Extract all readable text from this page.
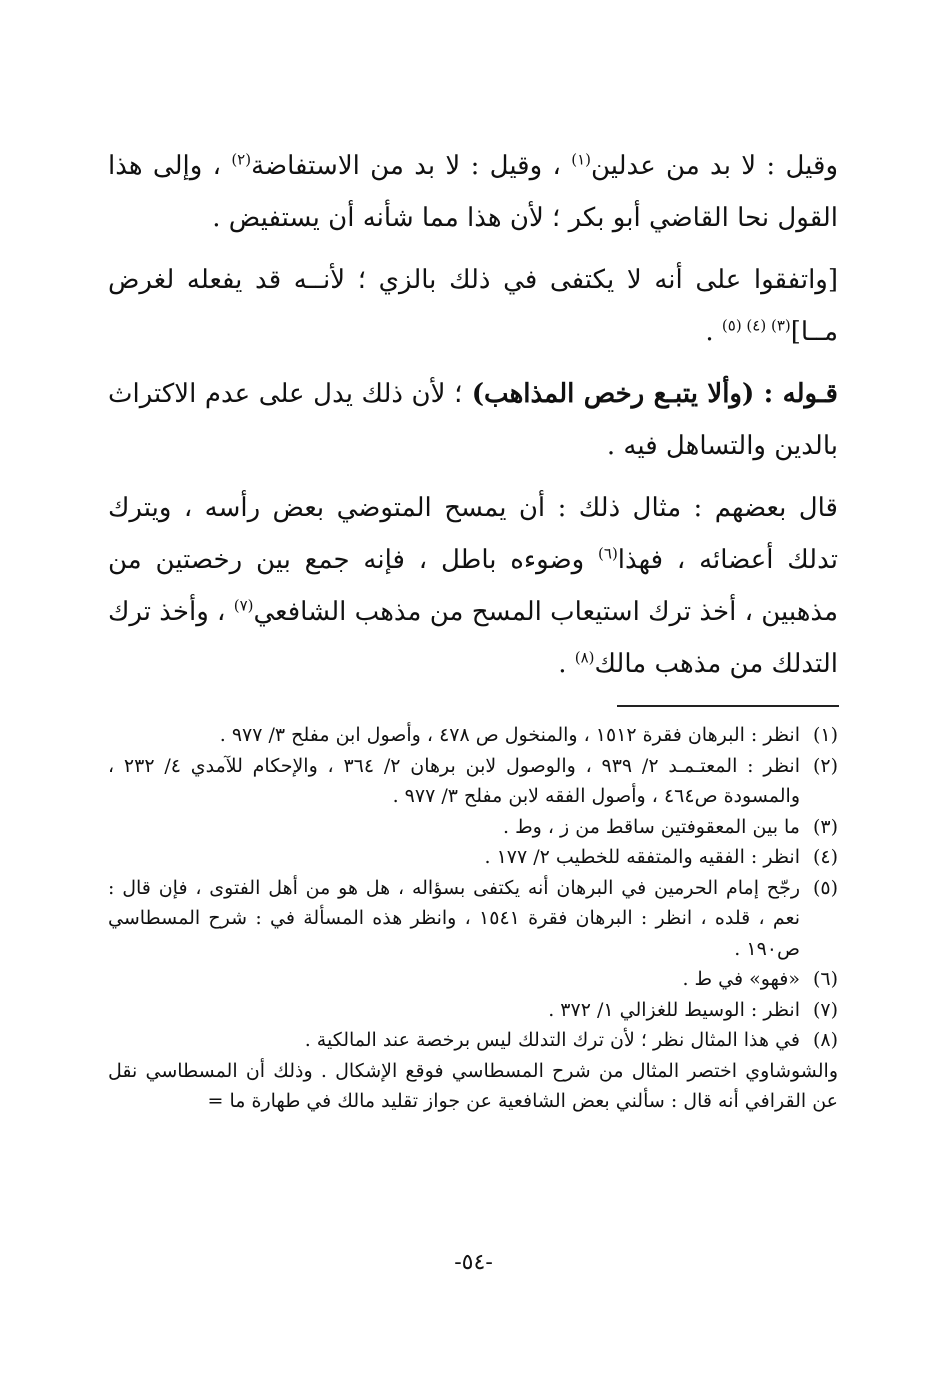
وقيل : لا بد من عدلين$^{(١)}$ ، وقيل : لا بد من الاستفاضة$^{(٢)}$ ، وإلى هذا القول نحا القاضي أبو بكر ؛ لأن هذا مما شأنه أن يستفيض .

[واتفقوا على أنه لا يكتفى في ذلك بالزي ؛ لأنــه قد يفعله لغرض مــا]$^{(٣) (٤) (٥)}$ .

قـوله : (وألا يتبـع رخص المذاهب) ؛ لأن ذلك يدل على عدم الاكتراث بالدين والتساهل فيه .

قال بعضهم : مثال ذلك : أن يمسح المتوضي بعض رأسه ، ويترك تدلك أعضائه ، فهذا$^{(٦)}$ وضوءه باطل ، فإنه جمع بين رخصتين من مذهبين ، أخذ ترك استيعاب المسح من مذهب الشافعي$^{(٧)}$ ، وأخذ ترك التدلك من مذهب مالك$^{(٨)}$ .

(١)
انظر : البرهان فقرة ١٥١٢ ، والمنخول ص ٤٧٨ ، وأصول ابن مفلح ٣/ ٩٧٧ .
(٢)
انظر : المعتـمـد ٢/ ٩٣٩ ، والوصول لابن برهان ٢/ ٣٦٤ ، والإحكام للآمدي ٤/ ٢٣٢ ، والمسودة ص٤٦٤ ، وأصول الفقه لابن مفلح ٣/ ٩٧٧ .
(٣)
ما بين المعقوفتين ساقط من ز ، وط .
(٤)
انظر : الفقيه والمتفقه للخطيب ٢/ ١٧٧ .
(٥)
رجّح إمام الحرمين في البرهان أنه يكتفى بسؤاله ، هل هو من أهل الفتوى ، فإن قال : نعم ، قلده ، انظر : البرهان فقرة ١٥٤١ ، وانظر هذه المسألة في : شرح المسطاسي ص١٩٠ .
(٦)
«فهو» في ط .
(٧)
انظر : الوسيط للغزالي ١/ ٣٧٢ .
(٨)
في هذا المثال نظر ؛ لأن ترك التدلك ليس برخصة عند المالكية .

والشوشاوي اختصر المثال من شرح المسطاسي فوقع الإشكال . وذلك أن المسطاسي نقل عن القرافي أنه قال : سألني بعض الشافعية عن جواز تقليد مالك في طهارة ما =

-٥٤-
